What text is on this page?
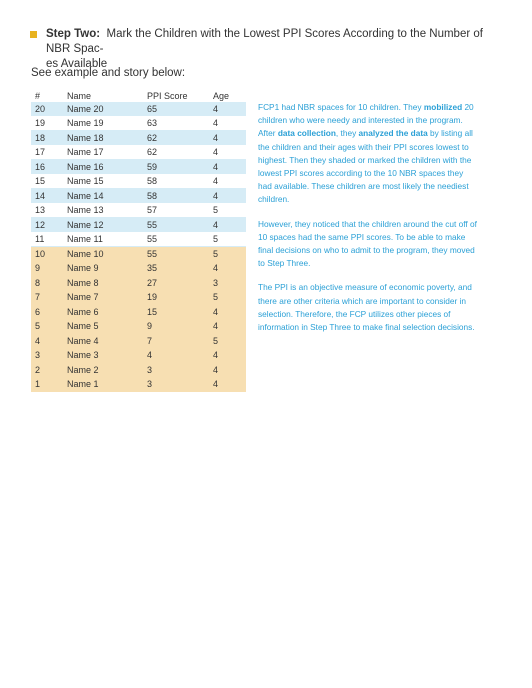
Step Two: Mark the Children with the Lowest PPI Scores According to the Number of NBR Spac-
es Available
See example and story below:
#	Name	PPI Score	Age
20	Name 20	65	4
19	Name 19	63	4
18	Name 18	62	4
17	Name 17	62	4
16	Name 16	59	4
15	Name 15	58	4
14	Name 14	58	4
13	Name 13	57	5
12	Name 12	55	4
11	Name 11	55	5
10	Name 10	55	5
9	Name 9	35	4
8	Name 8	27	3
7	Name 7	19	5
6	Name 6	15	4
5	Name 5	9	4
4	Name 4	7	5
3	Name 3	4	4
2	Name 2	3	4
1	Name 1	3	4

FCP1 had NBR spaces for 10 children. They mobilized 20 children who were needy and interested in the program. After data collection, they analyzed the data by listing all the children and their ages with their PPI scores lowest to highest. Then they shaded or marked the children with the lowest PPI scores according to the 10 NBR spaces they had available. These children are most likely the neediest children.

However, they noticed that the children around the cut off of 10 spaces had the same PPI scores. To be able to make final decisions on who to admit to the program, they moved to Step Three.

The PPI is an objective measure of economic poverty, and there are other criteria which are important to consider in selection. Therefore, the FCP utilizes other pieces of information in Step Three to make final selection decisions.
